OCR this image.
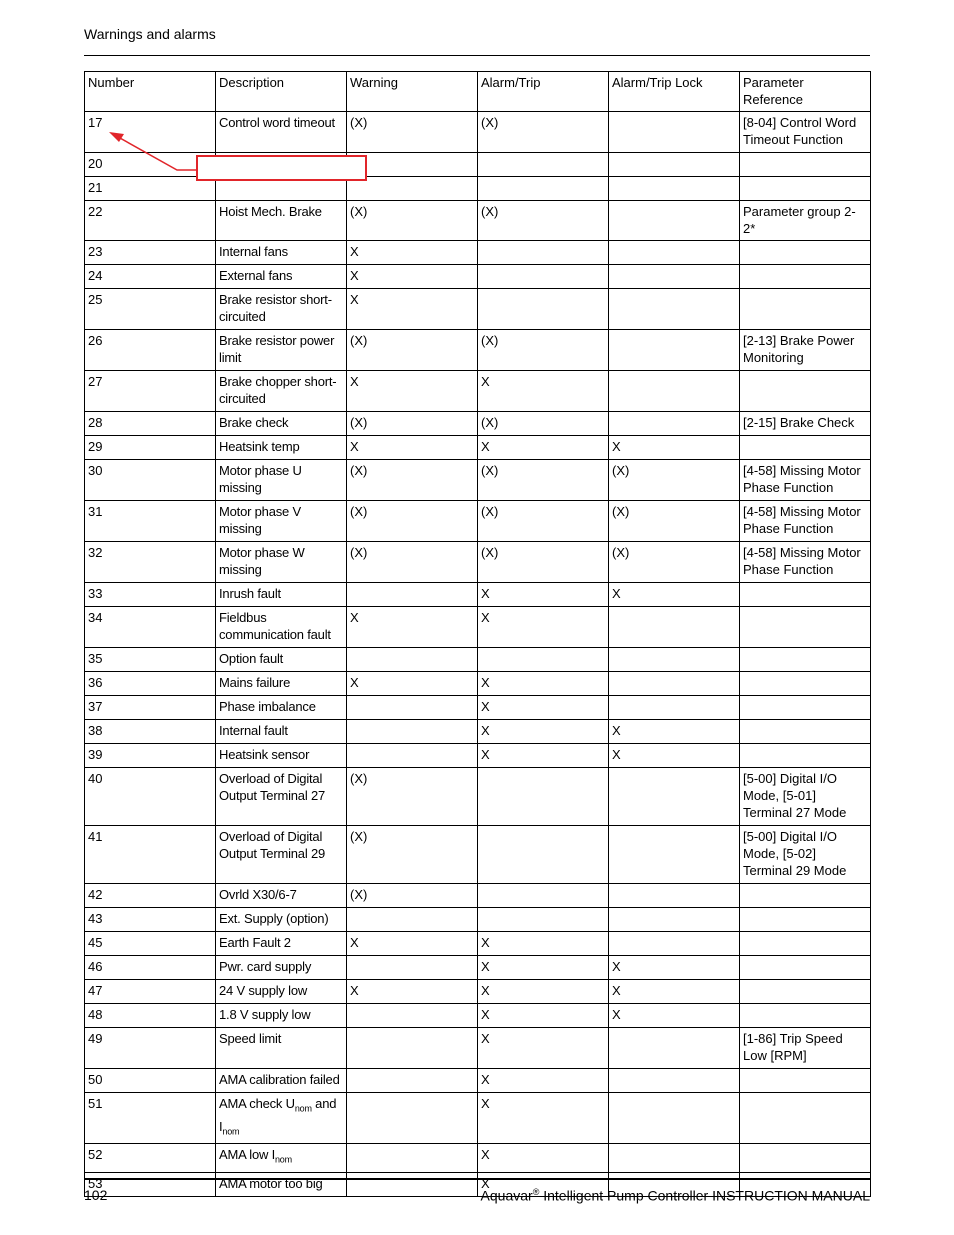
Warnings and alarms
Number	Description	Warning	Alarm/Trip	Alarm/Trip Lock	Parameter Reference
17	Control word timeout	(X)	(X)		[8-04] Control Word Timeout Function
20					
21					
22	Hoist Mech. Brake	(X)	(X)		Parameter group 2-2*
23	Internal fans	X			
24	External fans	X			
25	Brake resistor short-circuited	X			
26	Brake resistor power limit	(X)	(X)		[2-13] Brake Power Monitoring
27	Brake chopper short-circuited	X	X		
28	Brake check	(X)	(X)		[2-15] Brake Check
29	Heatsink temp	X	X	X	
30	Motor phase U missing	(X)	(X)	(X)	[4-58] Missing Motor Phase Function
31	Motor phase V missing	(X)	(X)	(X)	[4-58] Missing Motor Phase Function
32	Motor phase W missing	(X)	(X)	(X)	[4-58] Missing Motor Phase Function
33	Inrush fault		X	X	
34	Fieldbus communication fault	X	X		
35	Option fault				
36	Mains failure	X	X		
37	Phase imbalance		X		
38	Internal fault		X	X	
39	Heatsink sensor		X	X	
40	Overload of Digital Output Terminal 27	(X)			[5-00] Digital I/O Mode, [5-01] Terminal 27 Mode
41	Overload of Digital Output Terminal 29	(X)			[5-00] Digital I/O Mode, [5-02] Terminal 29 Mode
42	Ovrld X30/6-7	(X)			
43	Ext. Supply (option)				
45	Earth Fault 2	X	X		
46	Pwr. card supply		X	X	
47	24 V supply low	X	X	X	
48	1.8 V supply low		X	X	
49	Speed limit		X		[1-86] Trip Speed Low [RPM]
50	AMA calibration failed		X		
51	AMA check $U_{nom}$ and $I_{nom}$		X		
52	AMA low $I_{nom}$		X		
53	AMA motor too big		X		
102	Aquavar® Intelligent Pump Controller INSTRUCTION MANUAL
